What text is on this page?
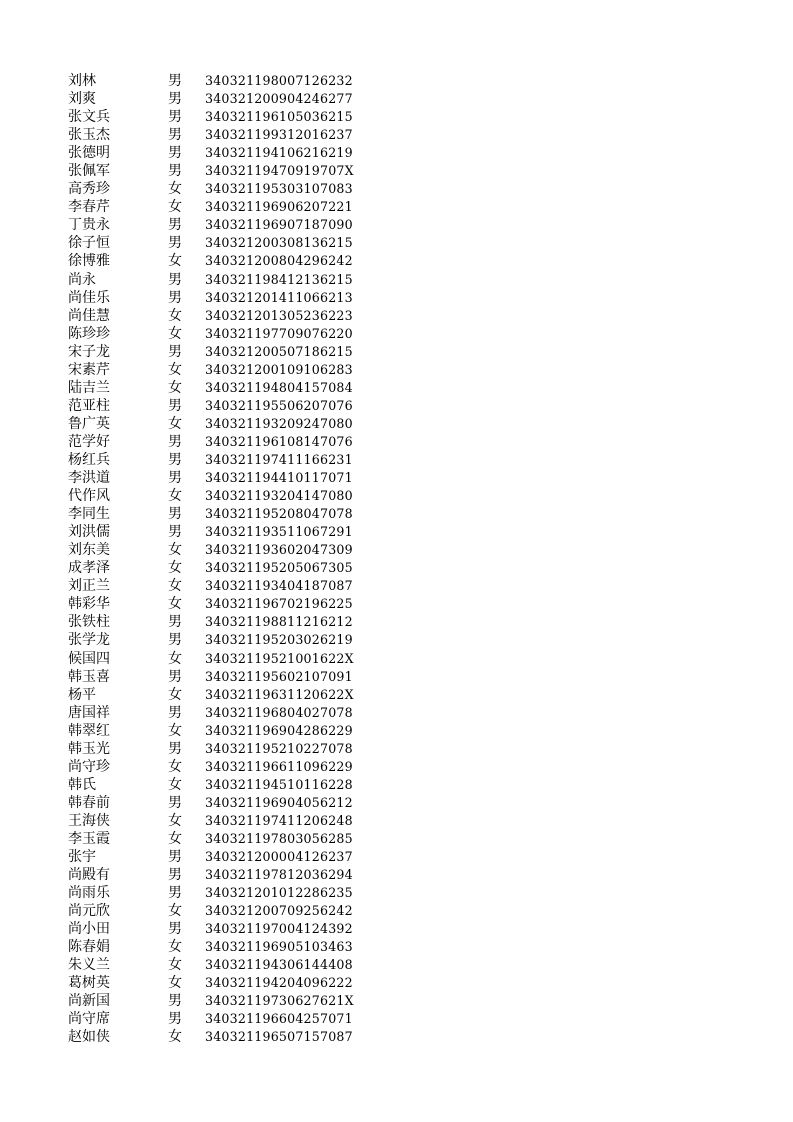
刘林	男 340321198007126232
刘爽	男 340321200904246277
张文兵	男 340321196105036215
张玉杰	男 340321199312016237
张德明	男 340321194106216219
张佩军	男 34032119470919707X
高秀珍	女 340321195303107083
李春芹	女 340321196906207221
丁贵永	男 340321196907187090
徐子恒	男 340321200308136215
徐博雅	女 340321200804296242
尚永	男 340321198412136215
尚佳乐	男 340321201411066213
尚佳慧	女 340321201305236223
陈珍珍	女 340321197709076220
宋子龙	男 340321200507186215
宋素芹	女 340321200109106283
陆吉兰	女 340321194804157084
范亚柱	男 340321195506207076
鲁广英	女 340321193209247080
范学好	男 340321196108147076
杨红兵	男 340321197411166231
李洪道	男 340321194410117071
代作风	女 340321193204147080
李同生	男 340321195208047078
刘洪儒	男 340321193511067291
刘东美	女 340321193602047309
成孝泽	女 340321195205067305
刘正兰	女 340321193404187087
韩彩华	女 340321196702196225
张铁柱	男 340321198811216212
张学龙	男 340321195203026219
候国四	女 34032119521001622X
韩玉喜	男 340321195602107091
杨平	女 34032119631120622X
唐国祥	男 340321196804027078
韩翠红	女 340321196904286229
韩玉光	男 340321195210227078
尚守珍	女 340321196611096229
韩氏	女 340321194510116228
韩春前	男 340321196904056212
王海侠	女 340321197411206248
李玉霞	女 340321197803056285
张宇	男 340321200004126237
尚殿有	男 340321197812036294
尚雨乐	男 340321201012286235
尚元欣	女 340321200709256242
尚小田	男 340321197004124392
陈春娟	女 340321196905103463
朱义兰	女 340321194306144408
葛树英	女 340321194204096222
尚新国	男 34032119730627621X
尚守席	男 340321196604257071
赵如侠	女 340321196507157087
